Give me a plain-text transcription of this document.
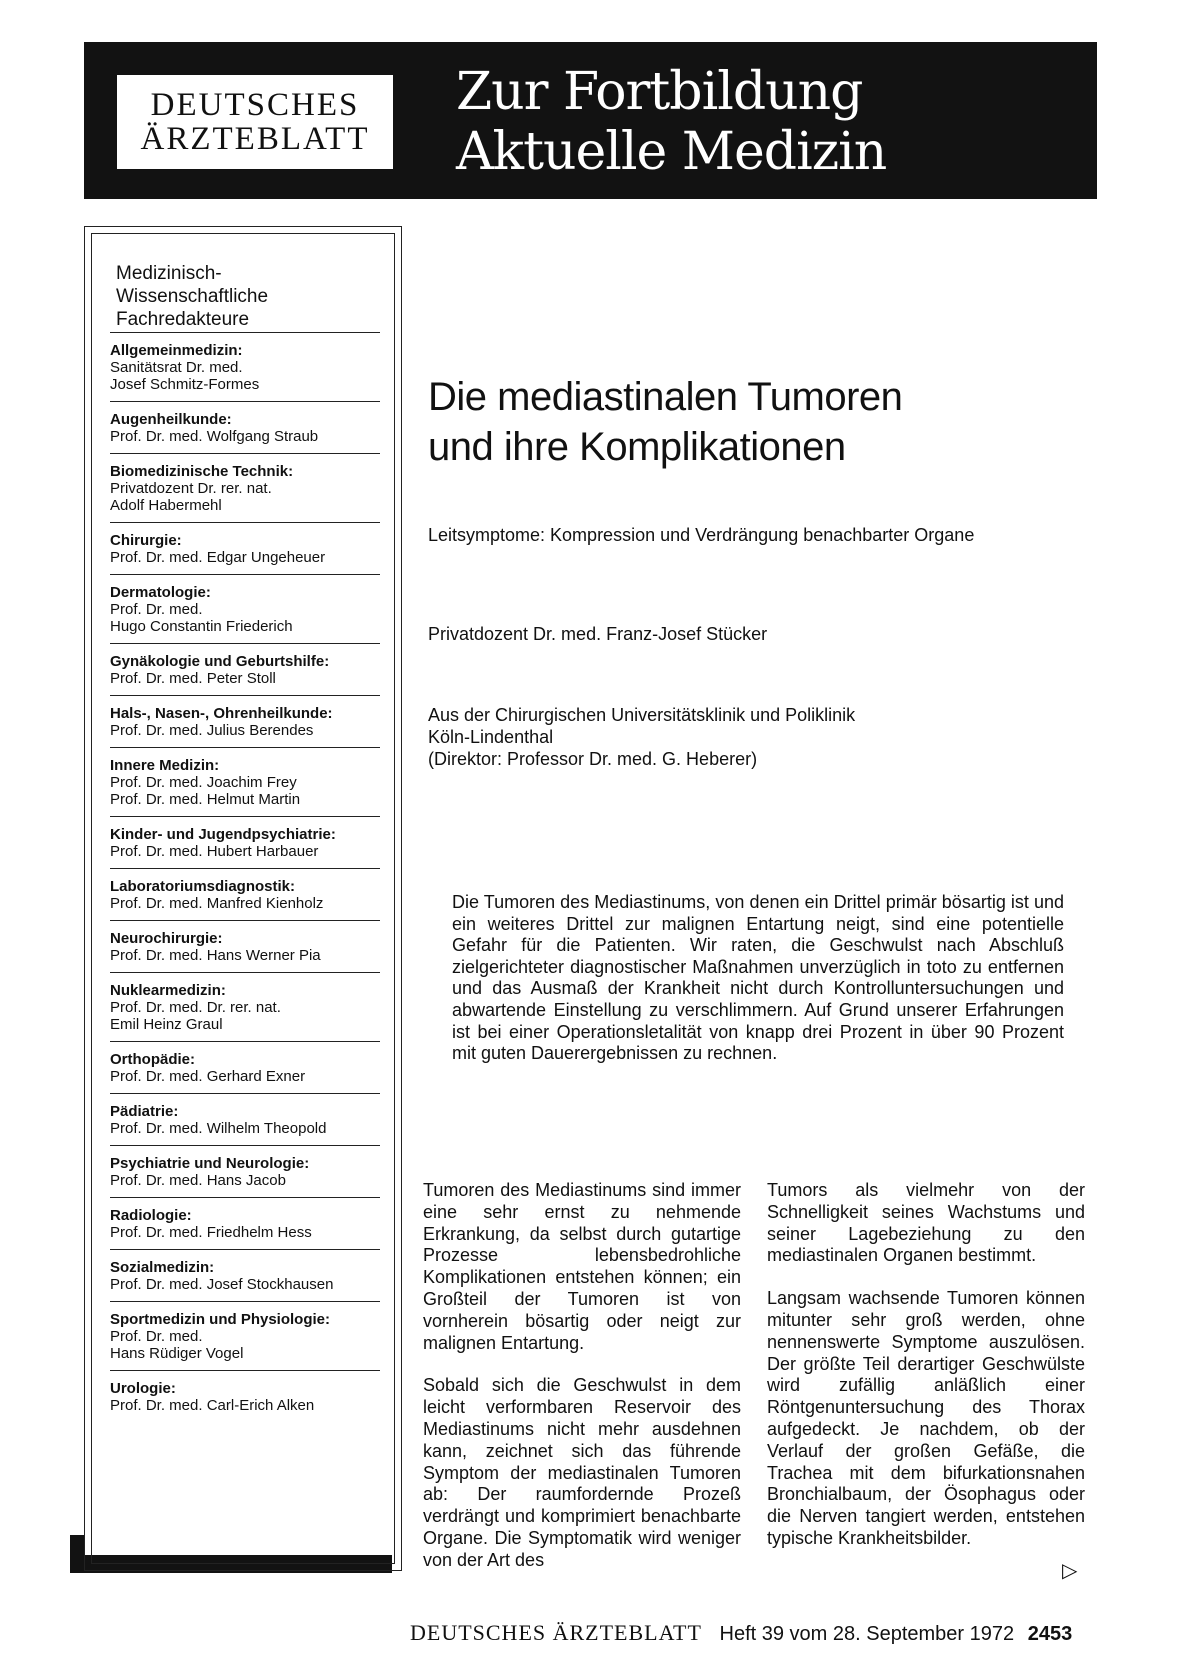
DEUTSCHES
ÄRZTEBLATT
Zur Fortbildung
Aktuelle Medizin
Medizinisch-
Wissenschaftliche
Fachredakteure
Allgemeinmedizin:
Sanitätsrat Dr. med.
Josef Schmitz-Formes
Augenheilkunde:
Prof. Dr. med. Wolfgang Straub
Biomedizinische Technik:
Privatdozent Dr. rer. nat.
Adolf Habermehl
Chirurgie:
Prof. Dr. med. Edgar Ungeheuer
Dermatologie:
Prof. Dr. med.
Hugo Constantin Friederich
Gynäkologie und Geburtshilfe:
Prof. Dr. med. Peter Stoll
Hals-, Nasen-, Ohrenheilkunde:
Prof. Dr. med. Julius Berendes
Innere Medizin:
Prof. Dr. med. Joachim Frey
Prof. Dr. med. Helmut Martin
Kinder- und Jugendpsychiatrie:
Prof. Dr. med. Hubert Harbauer
Laboratoriumsdiagnostik:
Prof. Dr. med. Manfred Kienholz
Neurochirurgie:
Prof. Dr. med. Hans Werner Pia
Nuklearmedizin:
Prof. Dr. med. Dr. rer. nat.
Emil Heinz Graul
Orthopädie:
Prof. Dr. med. Gerhard Exner
Pädiatrie:
Prof. Dr. med. Wilhelm Theopold
Psychiatrie und Neurologie:
Prof. Dr. med. Hans Jacob
Radiologie:
Prof. Dr. med. Friedhelm Hess
Sozialmedizin:
Prof. Dr. med. Josef Stockhausen
Sportmedizin und Physiologie:
Prof. Dr. med.
Hans Rüdiger Vogel
Urologie:
Prof. Dr. med. Carl-Erich Alken
Die mediastinalen Tumoren
und ihre Komplikationen
Leitsymptome: Kompression und Verdrängung benachbarter Organe
Privatdozent Dr. med. Franz-Josef Stücker
Aus der Chirurgischen Universitätsklinik und Poliklinik
Köln-Lindenthal
(Direktor: Professor Dr. med. G. Heberer)
Die Tumoren des Mediastinums, von denen ein Drittel primär bösartig ist und ein weiteres Drittel zur malignen Entartung neigt, sind eine potentielle Gefahr für die Patienten. Wir raten, die Geschwulst nach Abschluß zielgerichteter diagnostischer Maßnahmen unverzüglich in toto zu entfernen und das Ausmaß der Krankheit nicht durch Kontrolluntersuchungen und abwartende Einstellung zu verschlimmern. Auf Grund unserer Erfahrungen ist bei einer Operationsletalität von knapp drei Prozent in über 90 Prozent mit guten Dauerergebnissen zu rechnen.

Tumoren des Mediastinums sind immer eine sehr ernst zu nehmende Erkrankung, da selbst durch gutartige Prozesse lebensbedrohliche Komplikationen entstehen können; ein Großteil der Tumoren ist von vornherein bösartig oder neigt zur malignen Entartung.

Sobald sich die Geschwulst in dem leicht verformbaren Reservoir des Mediastinums nicht mehr ausdehnen kann, zeichnet sich das führende Symptom der mediastinalen Tumoren ab: Der raumfordernde Prozeß verdrängt und komprimiert benachbarte Organe. Die Symptomatik wird weniger von der Art des

Tumors als vielmehr von der Schnelligkeit seines Wachstums und seiner Lagebeziehung zu den mediastinalen Organen bestimmt.

Langsam wachsende Tumoren können mitunter sehr groß werden, ohne nennenswerte Symptome auszulösen. Der größte Teil derartiger Geschwülste wird zufällig anläßlich einer Röntgenuntersuchung des Thorax aufgedeckt. Je nachdem, ob der Verlauf der großen Gefäße, die Trachea mit dem bifurkationsnahen Bronchialbaum, der Ösophagus oder die Nerven tangiert werden, entstehen typische Krankheitsbilder.

▷
DEUTSCHES ÄRZTEBLATT Heft 39 vom 28. September 1972 2453
